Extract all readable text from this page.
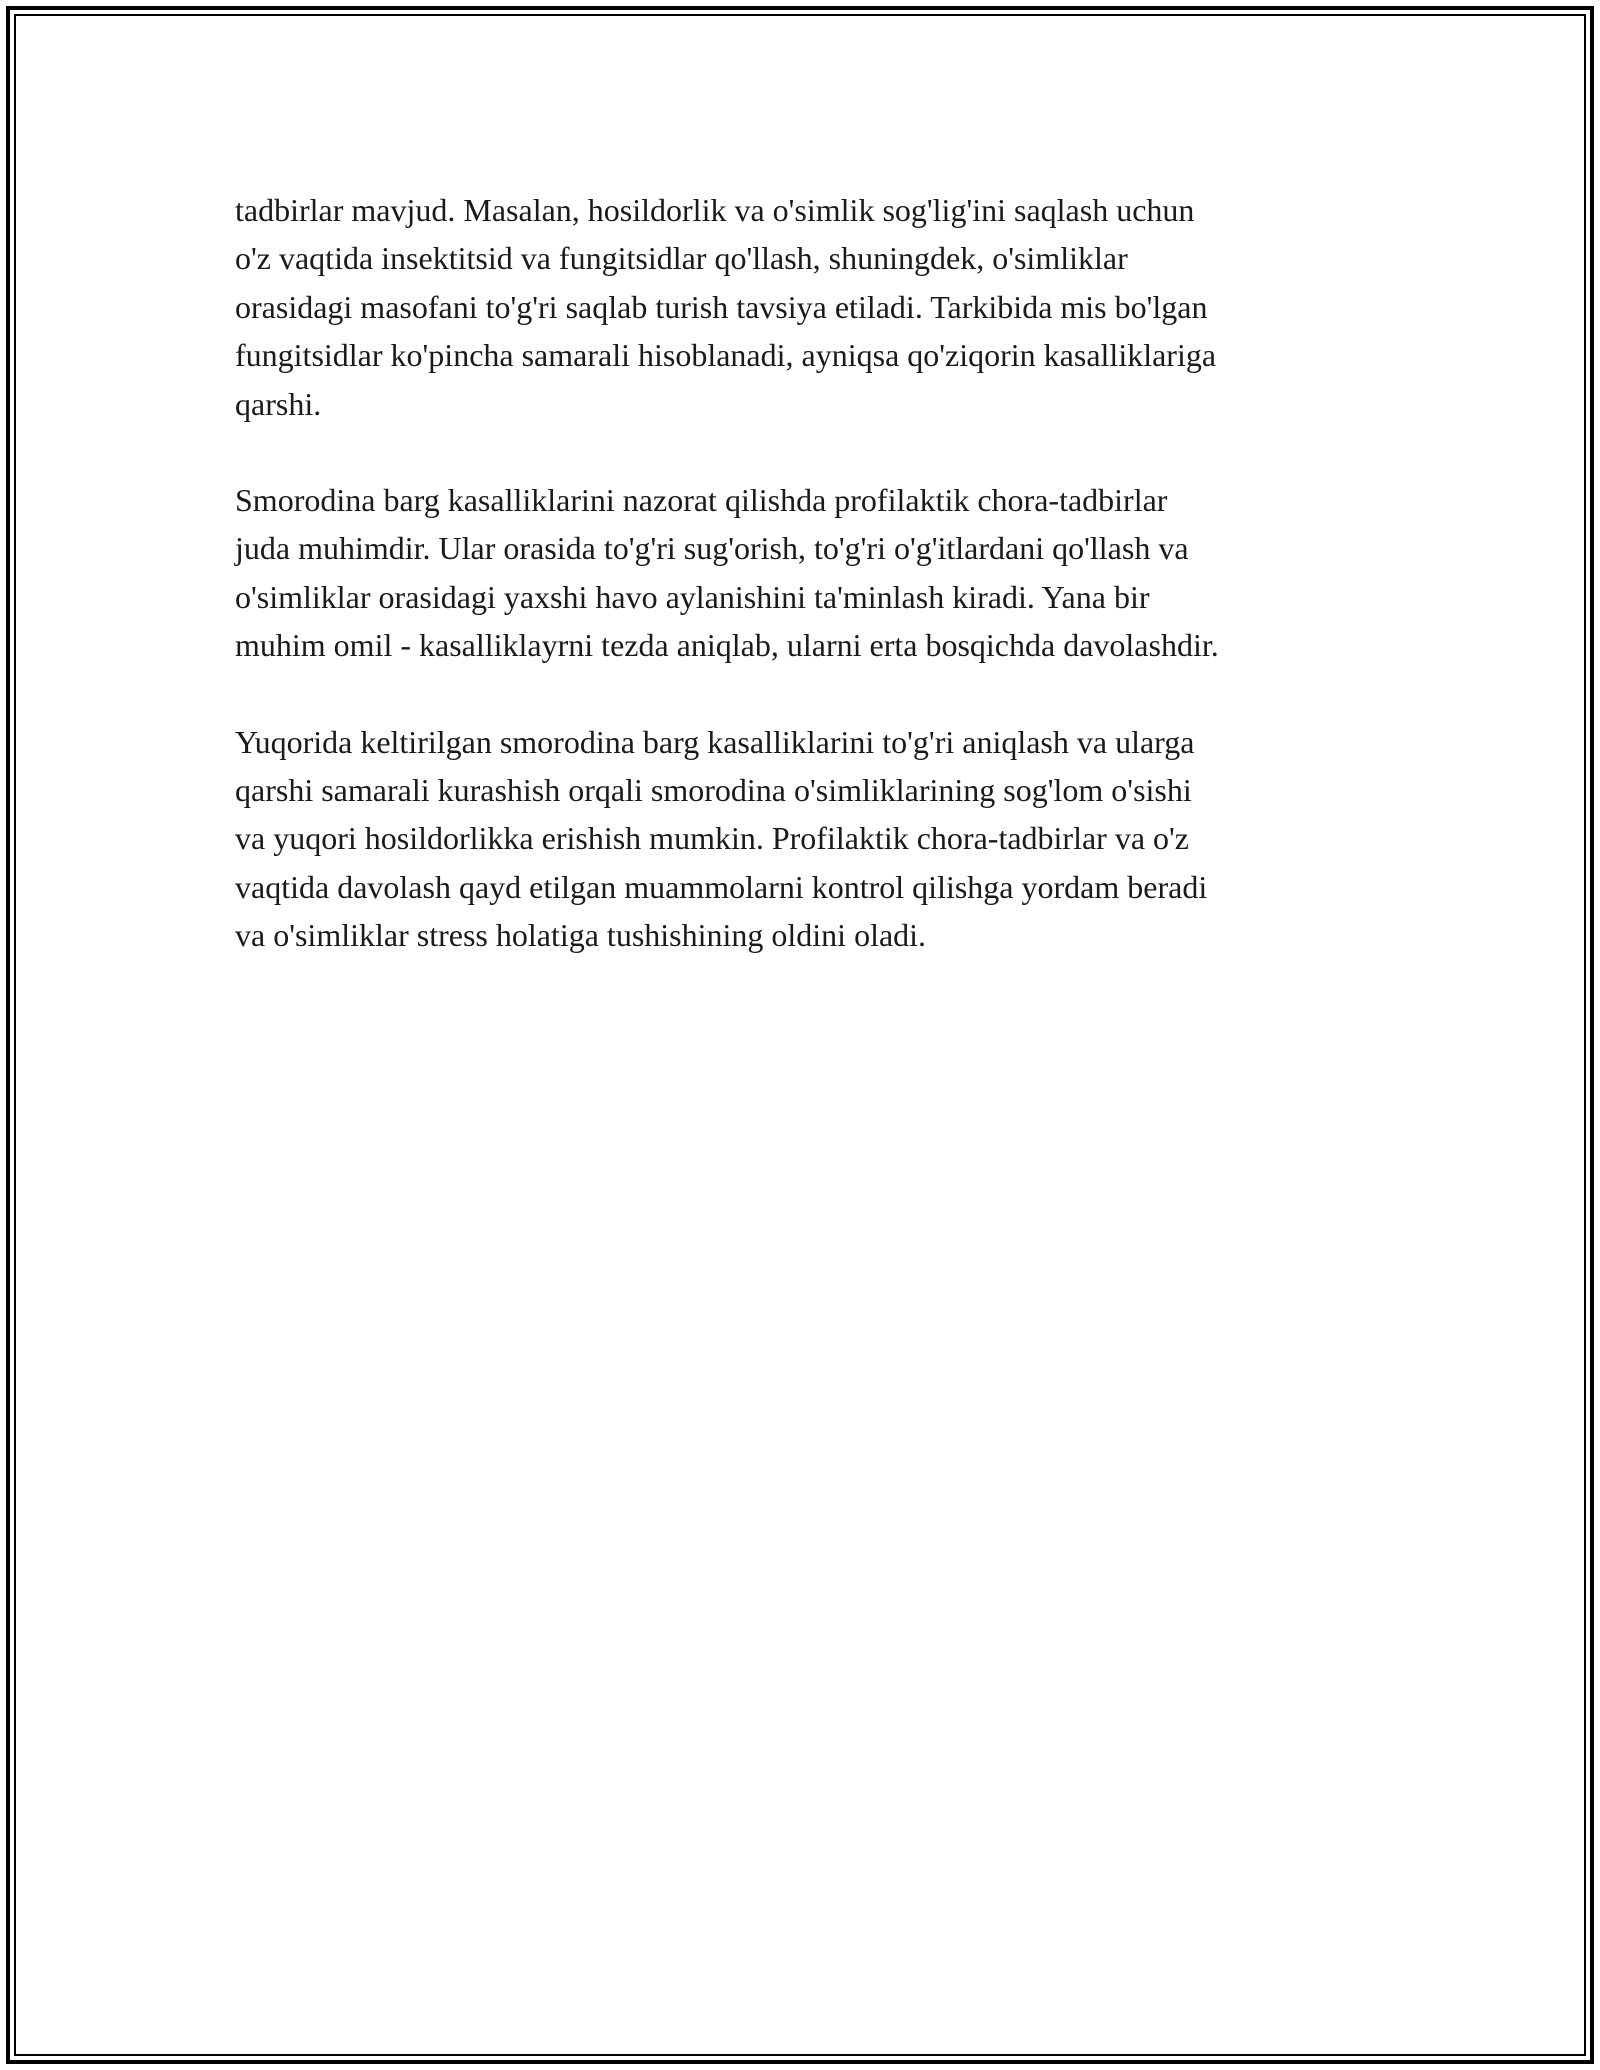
tadbirlar mavjud. Masalan, hosildorlik va o'simlik sog'lig'ini saqlash uchun
o'z vaqtida insektitsid va fungitsidlar qo'llash, shuningdek, o'simliklar
orasidagi masofani to'g'ri saqlab turish tavsiya etiladi. Tarkibida mis bo'lgan
fungitsidlar ko'pincha samarali hisoblanadi, ayniqsa qo'ziqorin kasalliklariga
qarshi.

Smorodina barg kasalliklarini nazorat qilishda profilaktik chora-tadbirlar
juda muhimdir. Ular orasida to'g'ri sug'orish, to'g'ri o'g'itlardani qo'llash va
o'simliklar orasidagi yaxshi havo aylanishini ta'minlash kiradi. Yana bir
muhim omil - kasalliklayrni tezda aniqlab, ularni erta bosqichda davolashdir.

Yuqorida keltirilgan smorodina barg kasalliklarini to'g'ri aniqlash va ularga
qarshi samarali kurashish orqali smorodina o'simliklarining sog'lom o'sishi
va yuqori hosildorlikka erishish mumkin. Profilaktik chora-tadbirlar va o'z
vaqtida davolash qayd etilgan muammolarni kontrol qilishga yordam beradi
va o'simliklar stress holatiga tushishining oldini oladi.
